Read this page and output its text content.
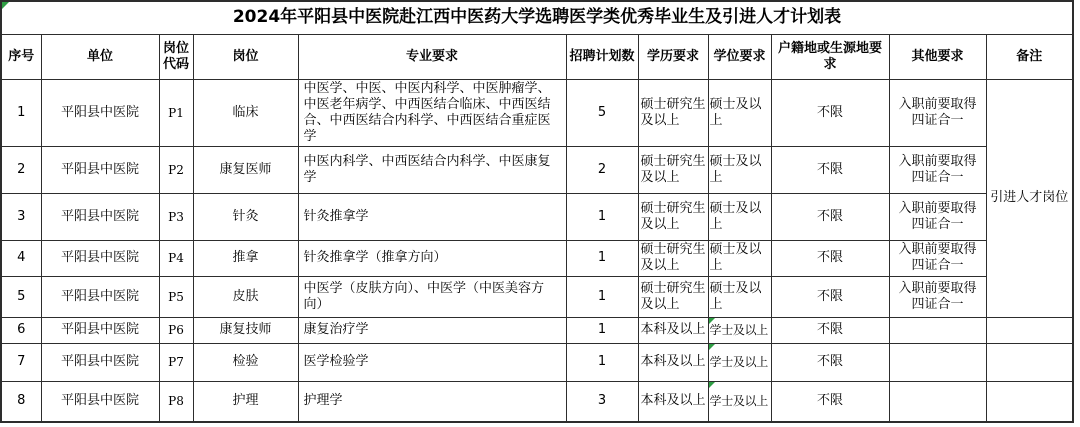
2024年平阳县中医院赴江西中医药大学选聘医学类优秀毕业生及引进人才计划表										
序号	单位	岗位代码	岗位	专业要求	招聘计划数	学历要求	学位要求	户籍地或生源地要求	其他要求	备注
1	平阳县中医院	P1	临床	中医学、中医、中医内科学、中医肿瘤学、中医老年病学、中西医结合临床、中西医结合、中西医结合内科学、中西医结合重症医学	5	硕士研究生及以上	硕士及以上	不限	入职前要取得四证合一	引进人才岗位
2	平阳县中医院	P2	康复医师	中医内科学、中西医结合内科学、中医康复学	2	硕士研究生及以上	硕士及以上	不限	入职前要取得四证合一	
3	平阳县中医院	P3	针灸	针灸推拿学	1	硕士研究生及以上	硕士及以上	不限	入职前要取得四证合一	
4	平阳县中医院	P4	推拿	针灸推拿学（推拿方向）	1	硕士研究生及以上	硕士及以上	不限	入职前要取得四证合一	
5	平阳县中医院	P5	皮肤	中医学（皮肤方向）、中医学（中医美容方向）	1	硕士研究生及以上	硕士及以上	不限	入职前要取得四证合一	
6	平阳县中医院	P6	康复技师	康复治疗学	1	本科及以上	学士及以上	不限		
7	平阳县中医院	P7	检验	医学检验学	1	本科及以上	学士及以上	不限		
8	平阳县中医院	P8	护理	护理学	3	本科及以上	学士及以上	不限		
